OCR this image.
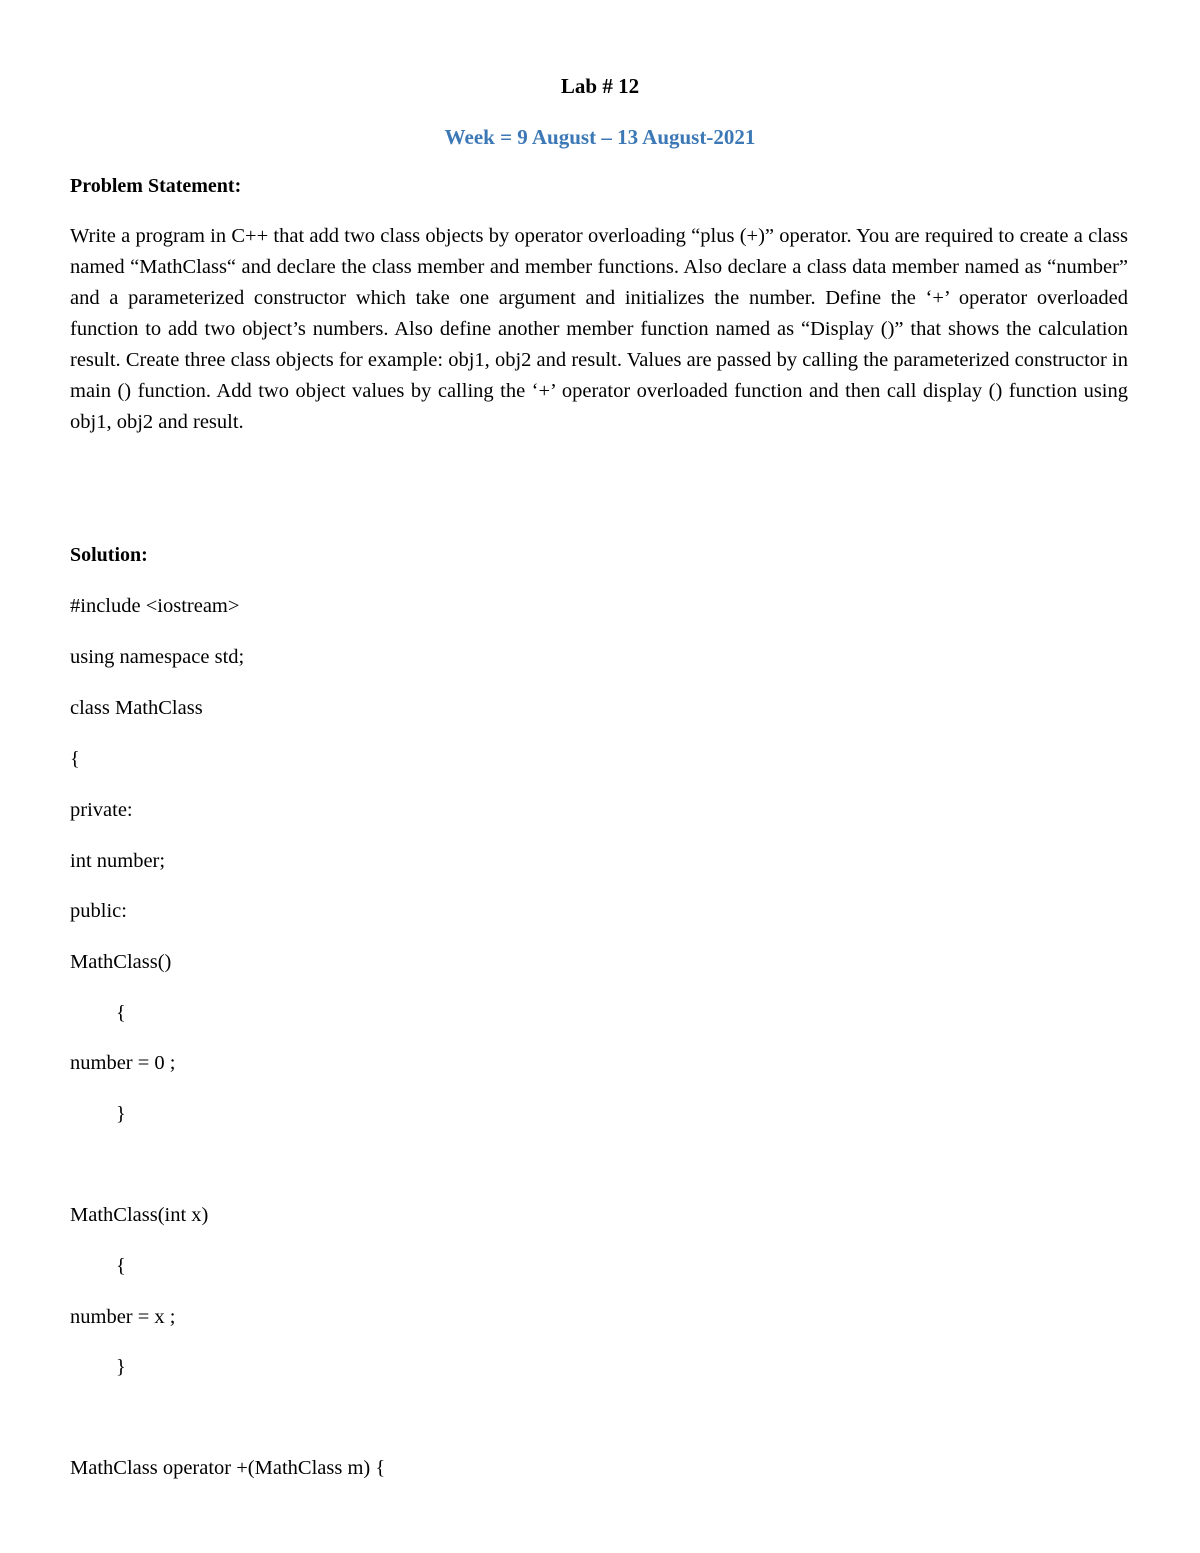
Lab # 12
Week = 9 August – 13 August-2021
Problem Statement:
Write a program in C++ that add two class objects by operator overloading “plus (+)” operator. You are required to create a class named “MathClass“ and declare the class member and member functions. Also declare a class data member named as “number” and a parameterized constructor which take one argument and initializes the number. Define the ‘+’ operator overloaded function to add two object’s numbers. Also define another member function named as “Display ()” that shows the calculation result. Create three class objects for example: obj1, obj2 and result. Values are passed by calling the parameterized constructor in main () function. Add two object values by calling the ‘+’ operator overloaded function and then call display () function using obj1, obj2 and result.
Solution:
#include <iostream>
using namespace std;
class MathClass
{
private:
int number;
public:
MathClass()
{
number = 0 ;
}
MathClass(int x)
{
number = x ;
}
MathClass operator +(MathClass m) {
